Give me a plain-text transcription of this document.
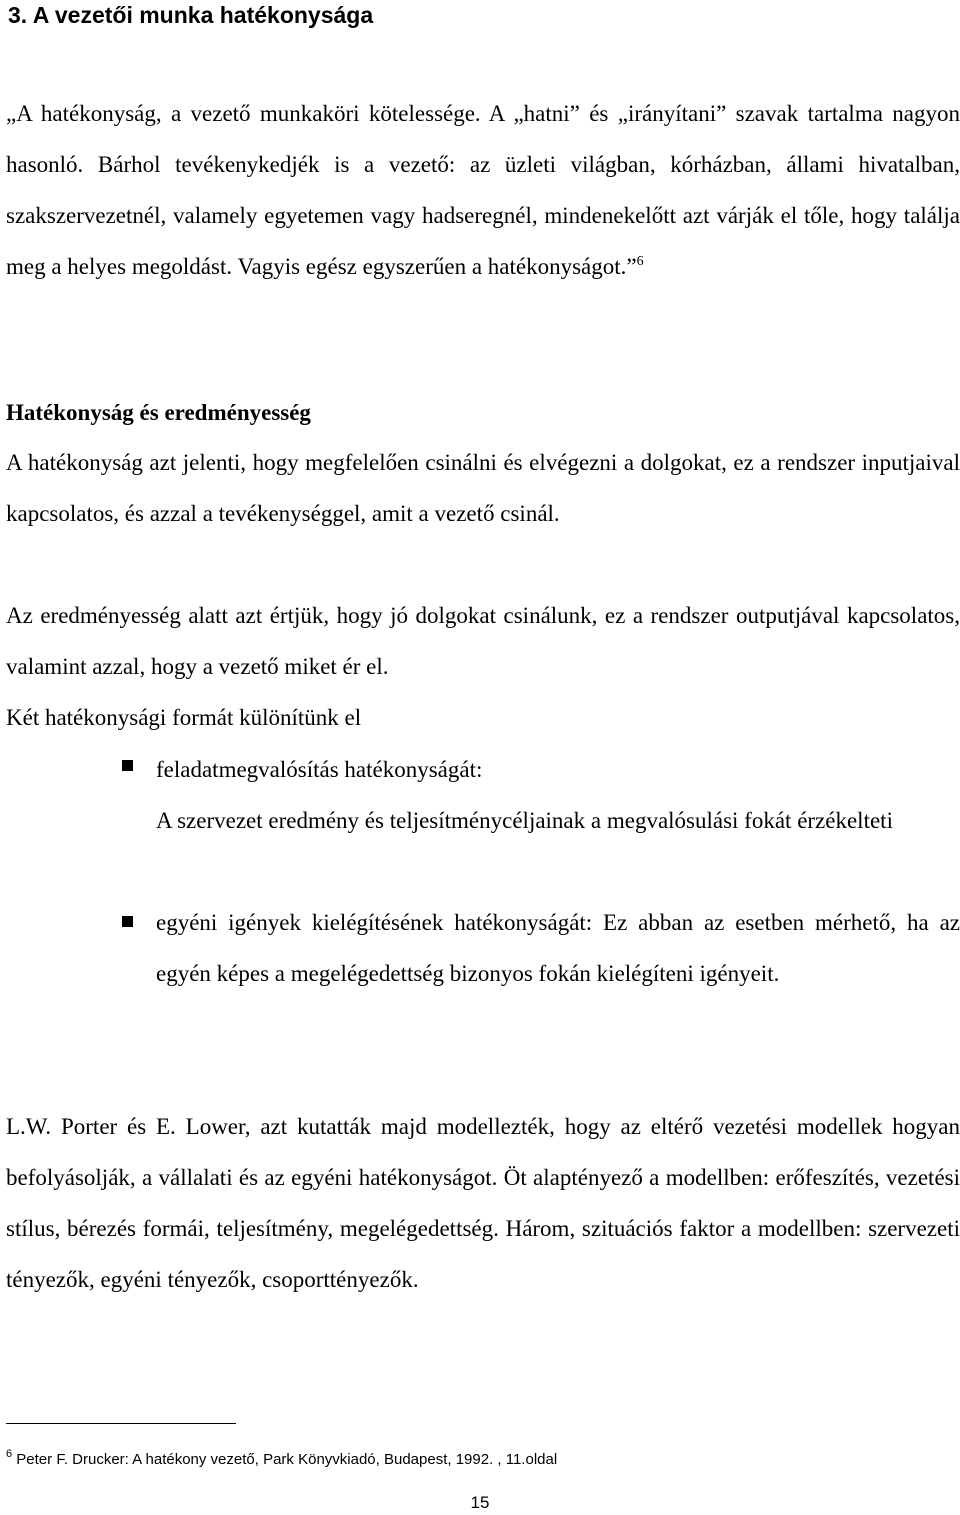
3. A vezetői munka hatékonysága

„A hatékonyság, a vezető munkaköri kötelessége. A „hatni” és „irányítani” szavak tartalma nagyon hasonló. Bárhol tevékenykedjék is a vezető: az üzleti világban, kórházban, állami hivatalban, szakszervezetnél, valamely egyetemen vagy hadseregnél, mindenekelőtt azt várják el tőle, hogy találja meg a helyes megoldást. Vagyis egész egyszerűen a hatékonyságot.”$^6$

Hatékonyság és eredményesség

A hatékonyság azt jelenti, hogy megfelelően csinálni és elvégezni a dolgokat, ez a rendszer inputjaival kapcsolatos, és azzal a tevékenységgel, amit a vezető csinál.

Az eredményesség alatt azt értjük, hogy jó dolgokat csinálunk, ez a rendszer outputjával kapcsolatos, valamint azzal, hogy a vezető miket ér el.

Két hatékonysági formát különítünk el

feladatmegvalósítás hatékonyságát:

A szervezet eredmény és teljesítménycéljainak a megvalósulási fokát érzékelteti

egyéni igények kielégítésének hatékonyságát: Ez abban az esetben mérhető, ha az egyén képes a megelégedettség bizonyos fokán kielégíteni igényeit.

L.W. Porter és E. Lower, azt kutatták majd modellezték, hogy az eltérő vezetési modellek hogyan befolyásolják, a vállalati és az egyéni hatékonyságot. Öt alaptényező a modellben: erőfeszítés, vezetési stílus, bérezés formái, teljesítmény, megelégedettség. Három, szituációs faktor a modellben: szervezeti tényezők, egyéni tényezők, csoporttényezők.

$^6$ Peter F. Drucker: A hatékony vezető, Park Könyvkiadó, Budapest, 1992. , 11.oldal

15
